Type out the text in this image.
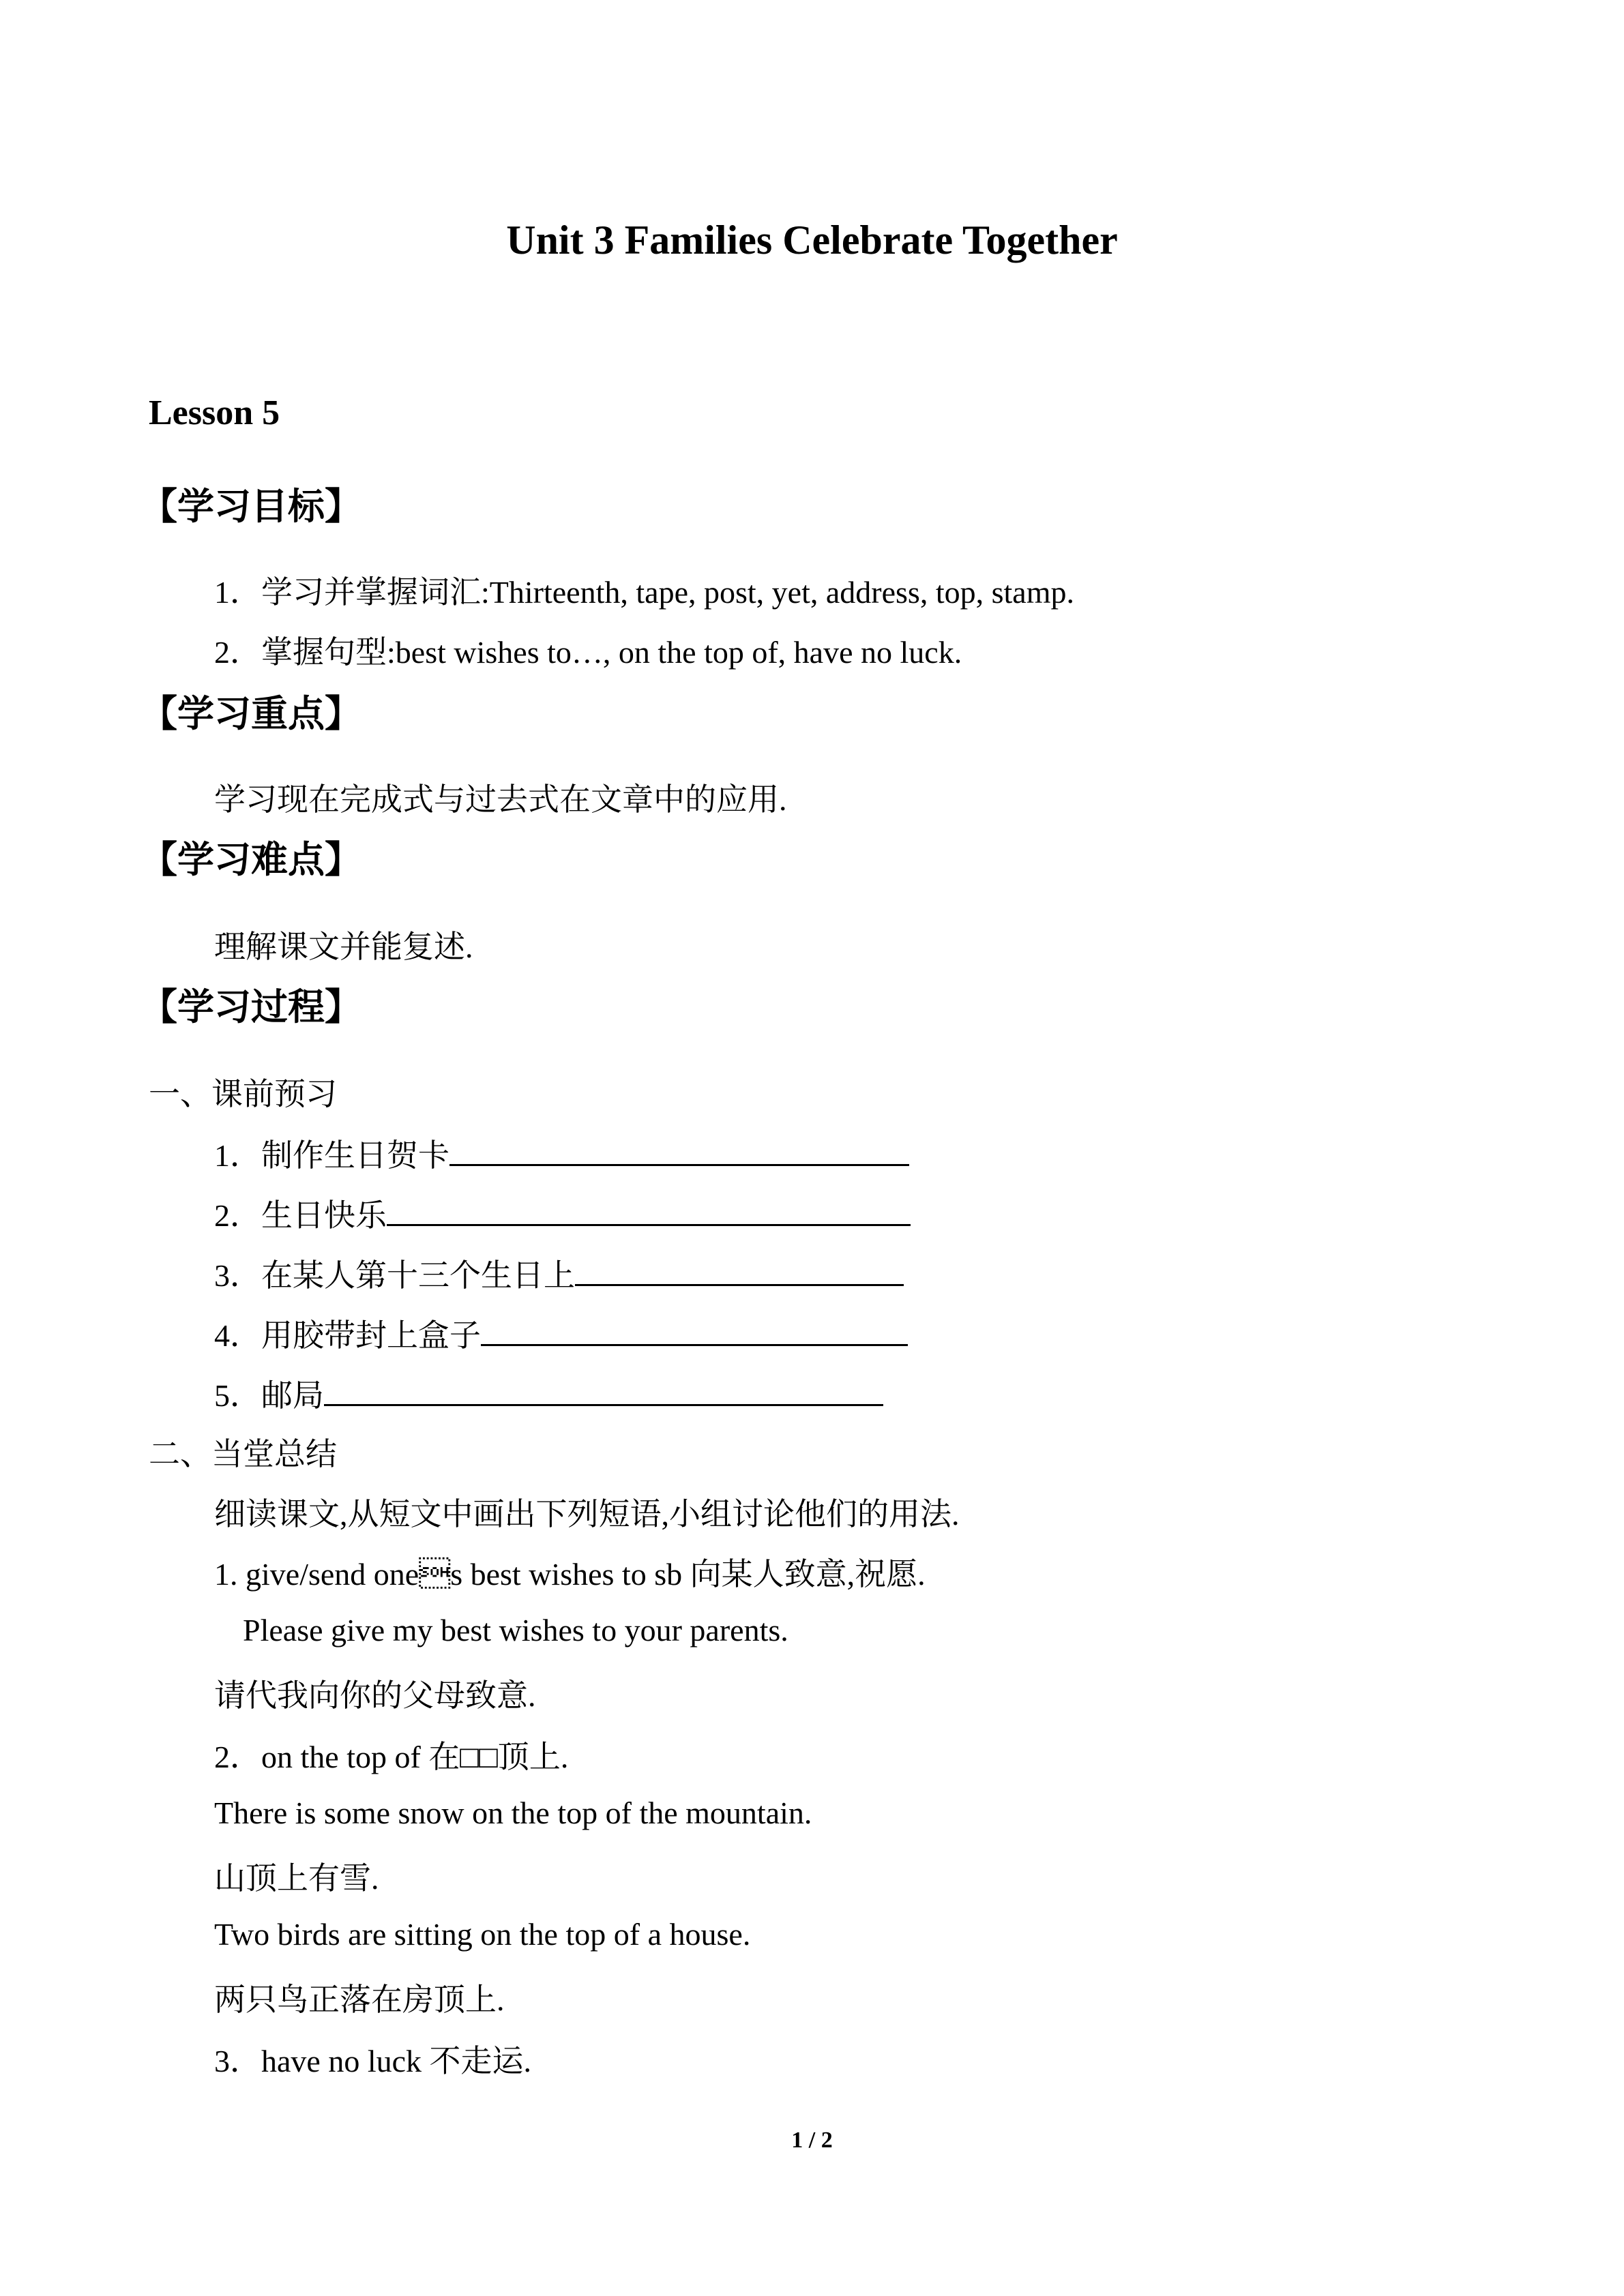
Unit 3 Families Celebrate Together
Lesson 5
【学习目标】
1．学习并掌握词汇:Thirteenth, tape, post, yet, address, top, stamp.
2．掌握句型:best wishes to…, on the top of, have no luck.
【学习重点】
学习现在完成式与过去式在文章中的应用.
【学习难点】
理解课文并能复述.
【学习过程】
一、课前预习
1．制作生日贺卡
2．生日快乐
3．在某人第十三个生日上
4．用胶带封上盒子
5．邮局
二、当堂总结
细读课文,从短文中画出下列短语,小组讨论他们的用法.
1. give/send ones best wishes to sb 向某人致意,祝愿.
Please give my best wishes to your parents.
请代我向你的父母致意.
2．on the top of 在□□顶上.
There is some snow on the top of the mountain.
山顶上有雪.
Two birds are sitting on the top of a house.
两只鸟正落在房顶上.
3．have no luck 不走运.
1 / 2
